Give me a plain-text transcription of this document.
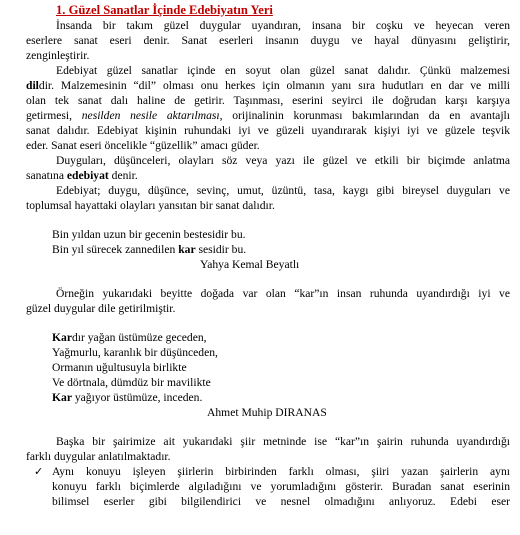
1. Güzel Sanatlar İçinde Edebiyatın Yeri
İnsanda bir takım güzel duygular uyandıran, insana bir coşku ve heyecan veren
eserlere sanat eseri denir. Sanat eserleri insanın duygu ve hayal dünyasını geliştirir,
zenginleştirir.
Edebiyat güzel sanatlar içinde en soyut olan güzel sanat dalıdır. Çünkü malzemesi
dildir. Malzemesinin “dil” olması onu herkes için olmanın yanı sıra hudutları en dar ve milli
olan tek sanat dalı haline de getirir. Taşınması, eserini seyirci ile doğrudan karşı karşıya
getirmesi, nesilden nesile aktarılması, orijinalinin korunması bakımlarından da en avantajlı
sanat dalıdır. Edebiyat kişinin ruhundaki iyi ve güzeli uyandırarak kişiyi iyi ve güzele teşvik
eder. Sanat eseri öncelikle “güzellik” amacı güder.
Duyguları, düşünceleri, olayları söz veya yazı ile güzel ve etkili bir biçimde anlatma
sanatına edebiyat denir.
Edebiyat; duygu, düşünce, sevinç, umut, üzüntü, tasa, kaygı gibi bireysel duyguları ve
toplumsal hayattaki olayları yansıtan bir sanat dalıdır.
Bin yıldan uzun bir gecenin bestesidir bu.
Bin yıl sürecek zannedilen kar sesidir bu.
Yahya Kemal Beyatlı
Örneğin yukarıdaki beyitte doğada var olan “kar”ın insan ruhunda uyandırdığı iyi ve
güzel duygular dile getirilmiştir.
Kardır yağan üstümüze geceden,
Yağmurlu, karanlık bir düşünceden,
Ormanın uğultusuyla birlikte
Ve dörtnala, dümdüz bir mavilikte
Kar yağıyor üstümüze, inceden.
Ahmet Muhip DIRANAS
Başka bir şairimize ait yukarıdaki şiir metninde ise “kar”ın şairin ruhunda uyandırdığı
farklı duygular anlatılmaktadır.
✓ Aynı konuyu işleyen şiirlerin birbirinden farklı olması, şiiri yazan şairlerin aynı
konuyu farklı biçimlerde algıladığını ve yorumladığını gösterir. Buradan sanat eserinin
bilimsel eserler gibi bilgilendirici ve nesnel olmadığını anlıyoruz. Edebi eser
